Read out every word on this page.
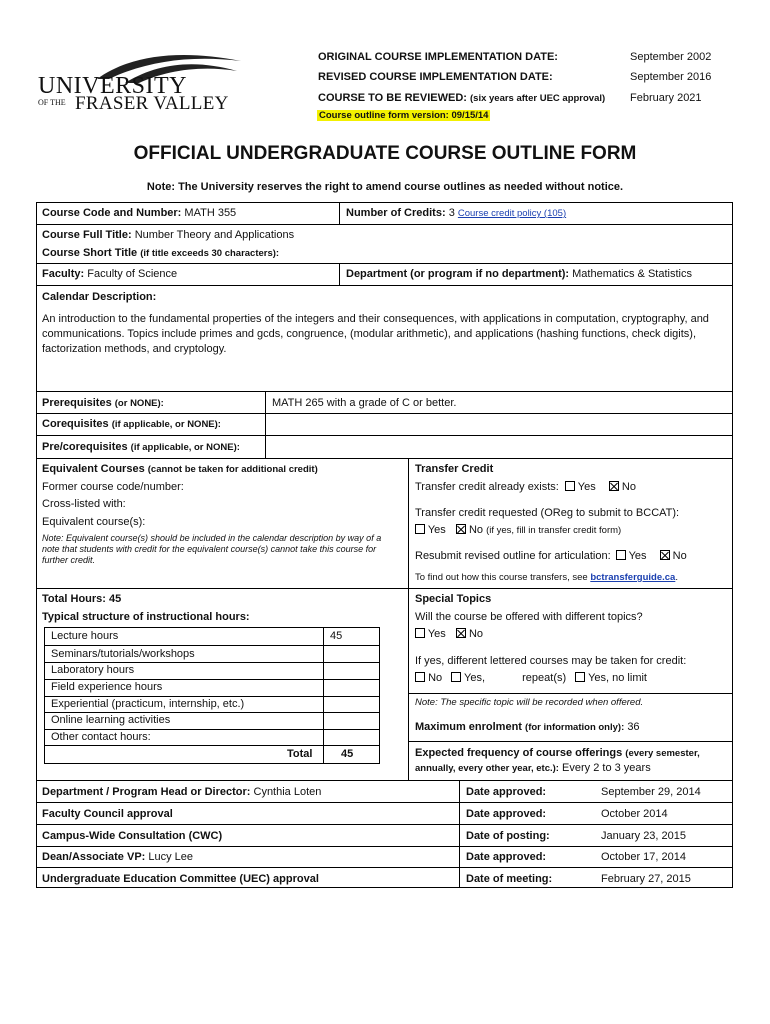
UNIVERSITY
OF THE FRASER VALLEY
ORIGINAL COURSE IMPLEMENTATION DATE:	September 2002
REVISED COURSE IMPLEMENTATION DATE:	September 2016
COURSE TO BE REVIEWED: (six years after UEC approval) February 2021
Course outline form version: 09/15/14
OFFICIAL UNDERGRADUATE COURSE OUTLINE FORM
Note: The University reserves the right to amend course outlines as needed without notice.
Course Code and Number: MATH 355	Number of Credits: 3 Course credit policy (105)
Course Full Title: Number Theory and Applications
Course Short Title (if title exceeds 30 characters):
Faculty: Faculty of Science	Department (or program if no department): Mathematics & Statistics
Calendar Description:
An introduction to the fundamental properties of the integers and their consequences, with applications in computation, cryptography, and communications. Topics include primes and gcds, congruence, (modular arithmetic), and applications (hashing functions, check digits), factorization methods, and cryptology.
Prerequisites (or NONE):	MATH 265 with a grade of C or better.
Corequisites (if applicable, or NONE):
Pre/corequisites (if applicable, or NONE):
Equivalent Courses (cannot be taken for additional credit)
Former course code/number:
Cross-listed with:
Equivalent course(s):
Note: Equivalent course(s) should be included in the calendar description by way of a note that students with credit for the equivalent course(s) cannot take this course for further credit.
Transfer Credit
Transfer credit already exists: Yes No
Transfer credit requested (OReg to submit to BCCAT):
Yes No (if yes, fill in transfer credit form)
Resubmit revised outline for articulation: Yes No
To find out how this course transfers, see bctransferguide.ca.
Total Hours: 45
Typical structure of instructional hours:
Lecture hours	45
Seminars/tutorials/workshops
Laboratory hours
Field experience hours
Experiential (practicum, internship, etc.)
Online learning activities
Other contact hours:
Total	45
Special Topics
Will the course be offered with different topics?
Yes No
If yes, different lettered courses may be taken for credit:
No Yes,	repeat(s) Yes, no limit
Note: The specific topic will be recorded when offered.
Maximum enrolment (for information only): 36
Expected frequency of course offerings (every semester, annually, every other year, etc.): Every 2 to 3 years
Department / Program Head or Director: Cynthia Loten	Date approved:	September 29, 2014
Faculty Council approval	Date approved:	October 2014
Campus-Wide Consultation (CWC)	Date of posting:	January 23, 2015
Dean/Associate VP: Lucy Lee	Date approved:	October 17, 2014
Undergraduate Education Committee (UEC) approval	Date of meeting:	February 27, 2015
